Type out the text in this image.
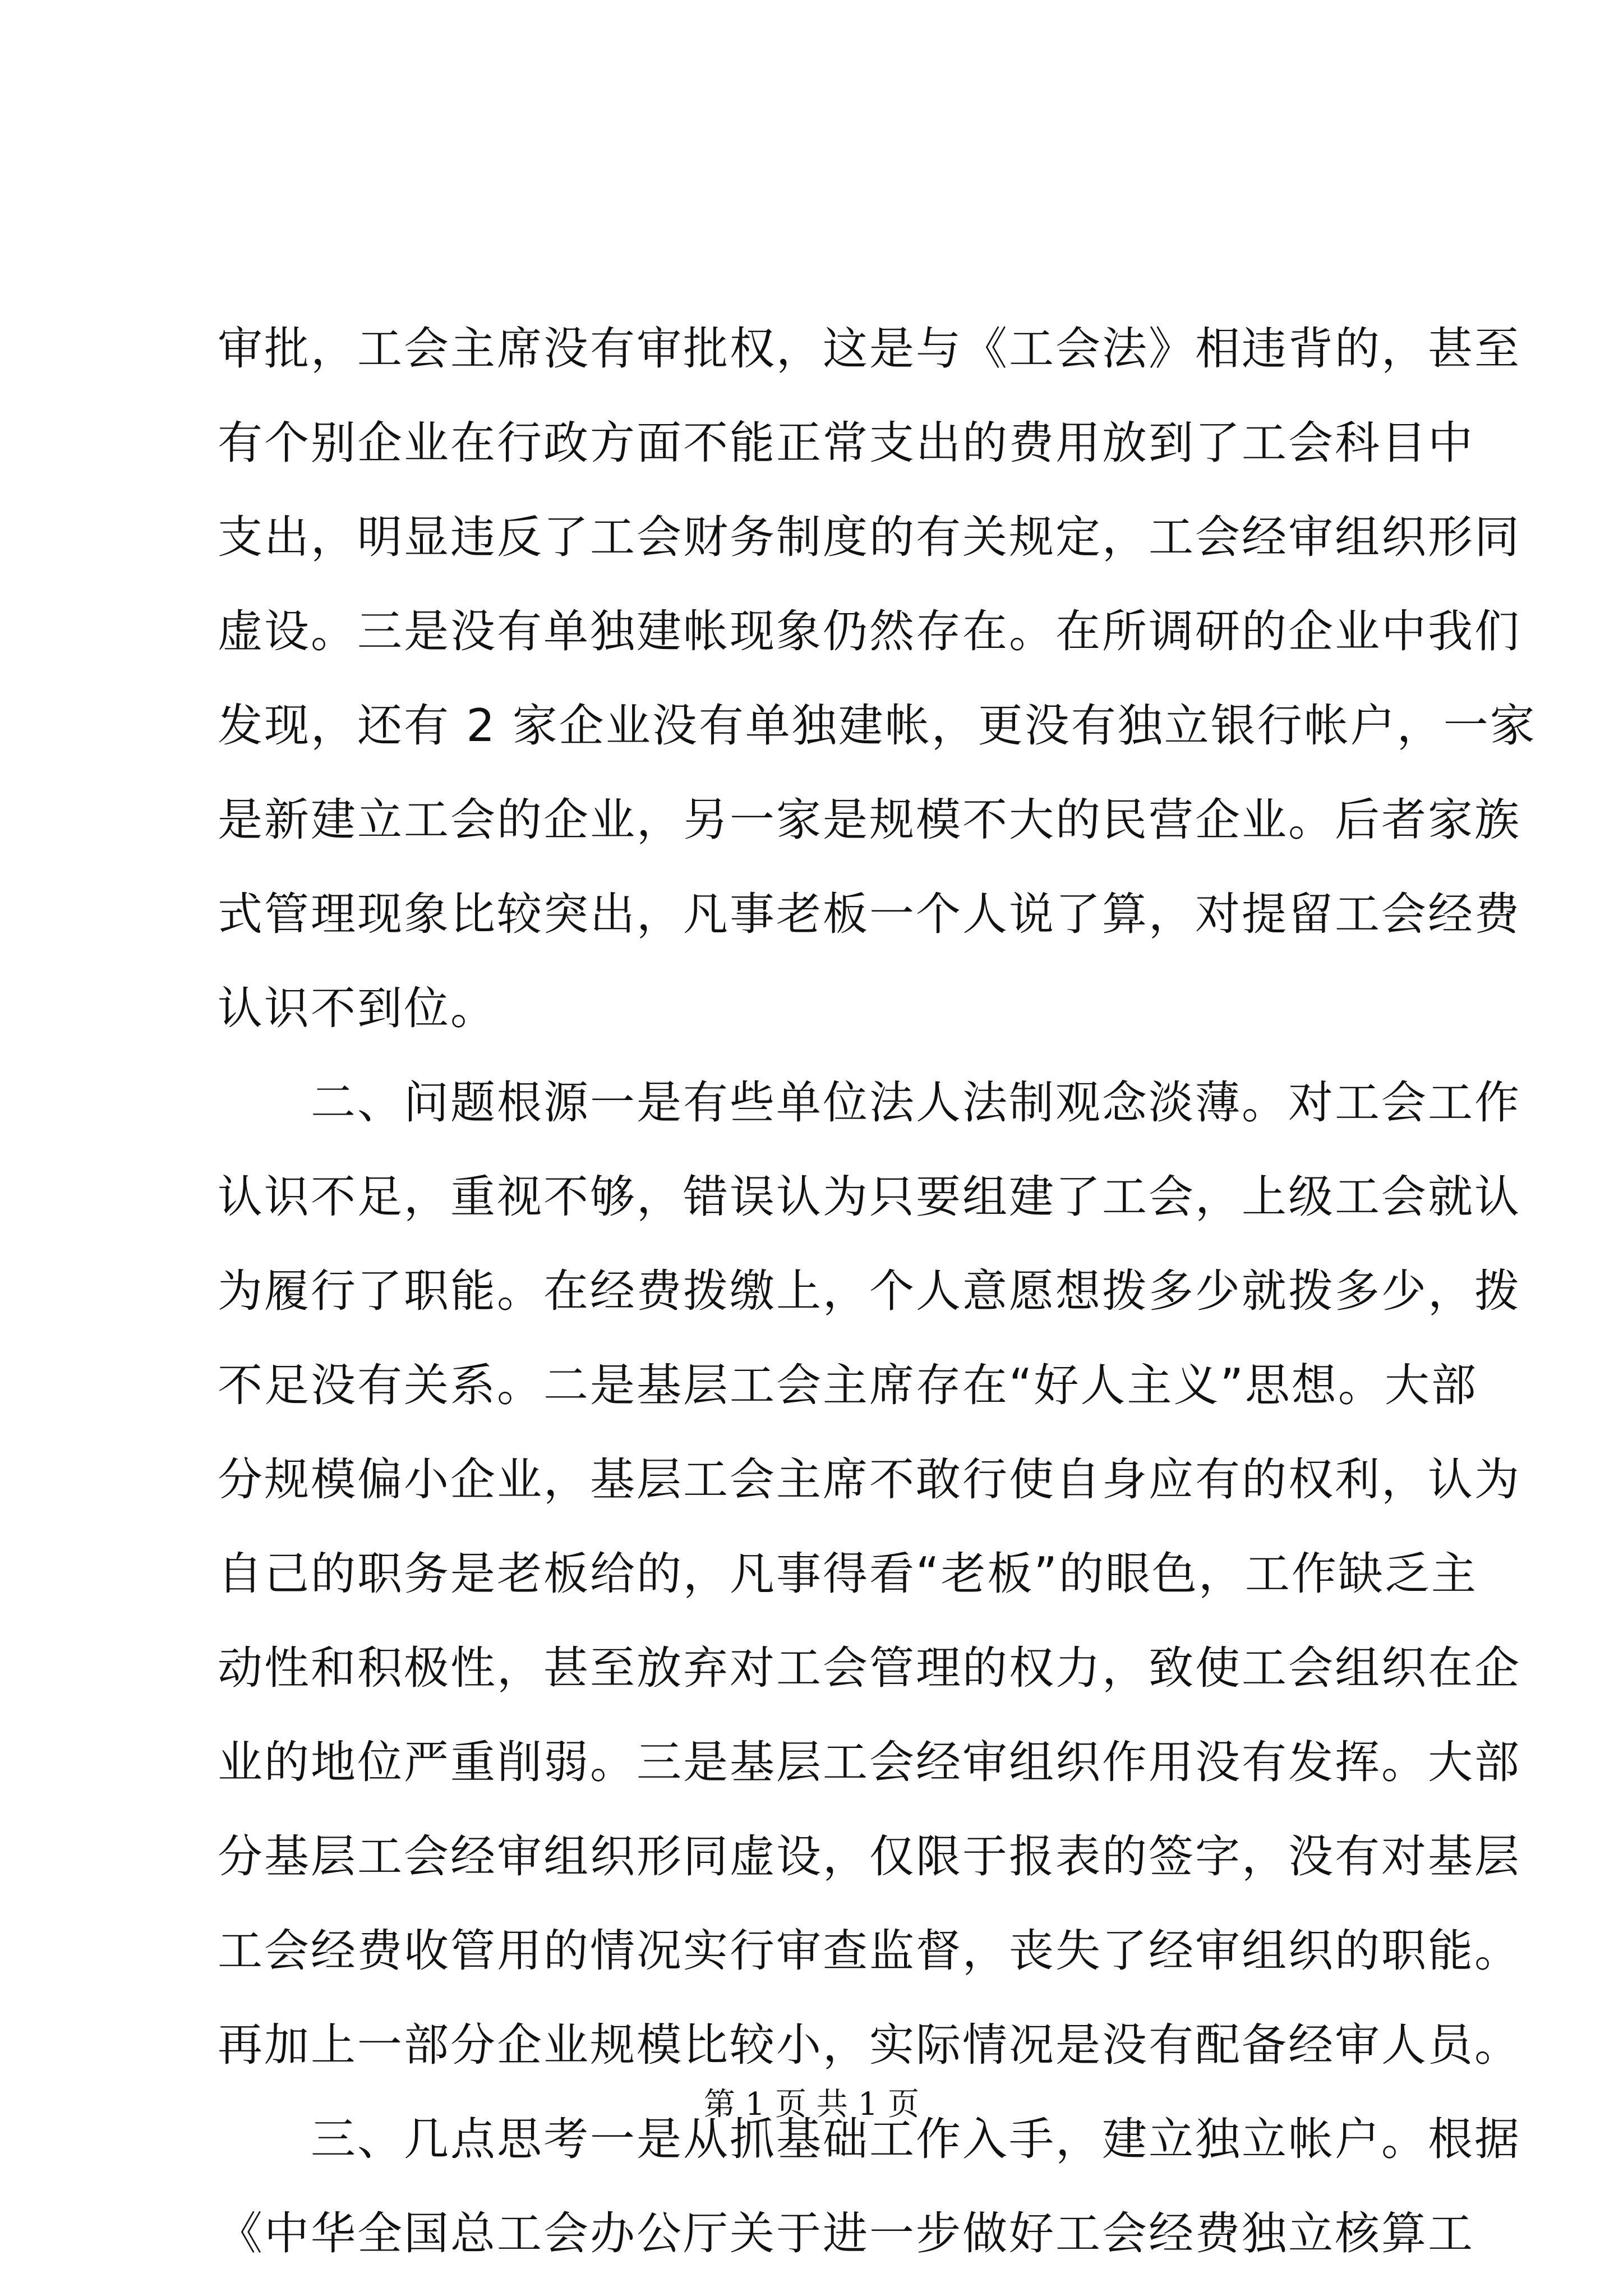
审批，工会主席没有审批权，这是与《工会法》相违背的，甚至
有个别企业在行政方面不能正常支出的费用放到了工会科目中
支出，明显违反了工会财务制度的有关规定，工会经审组织形同
虚设。三是没有单独建帐现象仍然存在。在所调研的企业中我们
发现，还有 2 家企业没有单独建帐，更没有独立银行帐户，一家
是新建立工会的企业，另一家是规模不大的民营企业。后者家族
式管理现象比较突出，凡事老板一个人说了算，对提留工会经费
认识不到位。
　　二、问题根源一是有些单位法人法制观念淡薄。对工会工作
认识不足，重视不够，错误认为只要组建了工会，上级工会就认
为履行了职能。在经费拨缴上，个人意愿想拨多少就拨多少，拨
不足没有关系。二是基层工会主席存在“好人主义”思想。大部
分规模偏小企业，基层工会主席不敢行使自身应有的权利，认为
自己的职务是老板给的，凡事得看“老板”的眼色，工作缺乏主
动性和积极性，甚至放弃对工会管理的权力，致使工会组织在企
业的地位严重削弱。三是基层工会经审组织作用没有发挥。大部
分基层工会经审组织形同虚设，仅限于报表的签字，没有对基层
工会经费收管用的情况实行审查监督，丧失了经审组织的职能。
再加上一部分企业规模比较小，实际情况是没有配备经审人员。
　　三、几点思考一是从抓基础工作入手，建立独立帐户。根据
《中华全国总工会办公厅关于进一步做好工会经费独立核算工
第 1 页 共 1 页
